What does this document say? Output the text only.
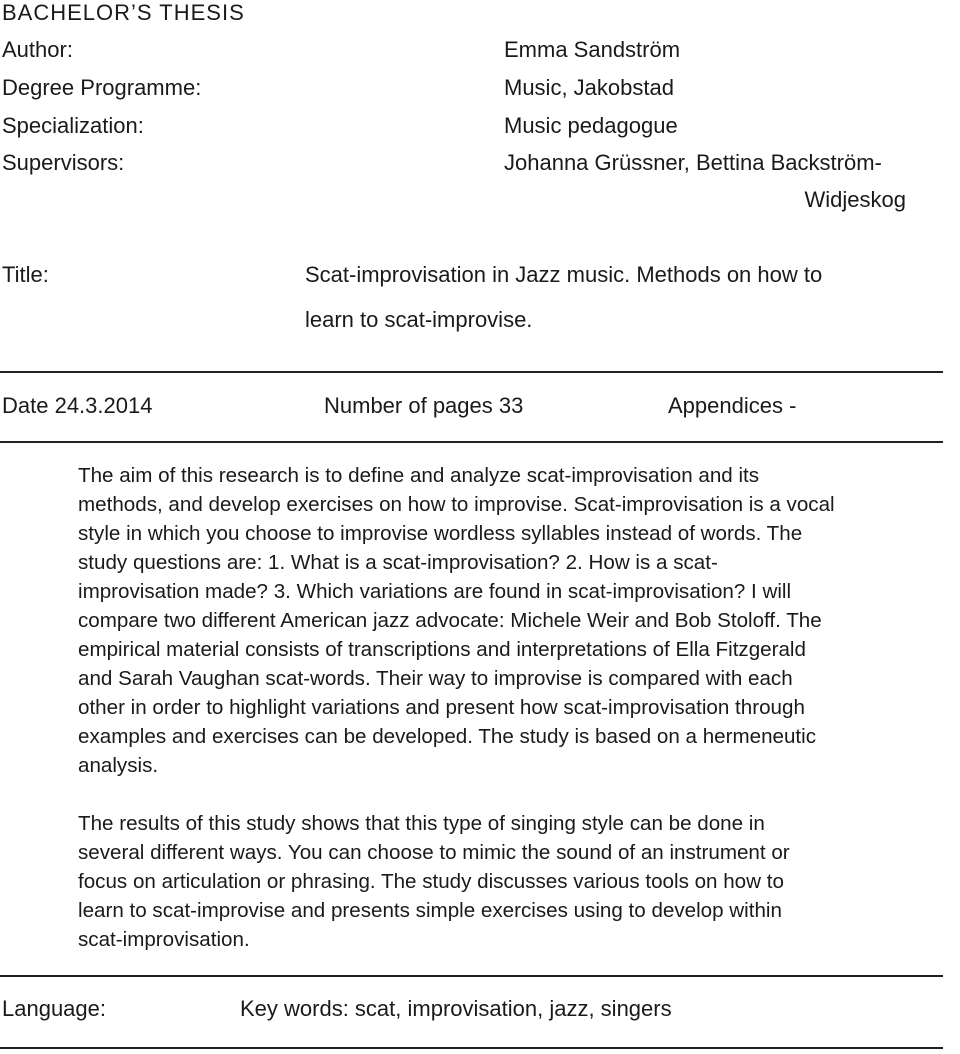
BACHELOR’S THESIS
Author:	Emma Sandström
Degree Programme:	Music, Jakobstad
Specialization:	Music pedagogue
Supervisors:	Johanna Grüssner, Bettina Backström-
Widjeskog
Title:	Scat-improvisation in Jazz music. Methods on how to
learn to scat-improvise.
Date 24.3.2014	Number of pages 33	Appendices -

The aim of this research is to define and analyze scat-improvisation and its

methods, and develop exercises on how to improvise. Scat-improvisation is a vocal

style in which you choose to improvise wordless syllables instead of words. The

study questions are: 1. What is a scat-improvisation? 2. How is a scat-

improvisation made? 3. Which variations are found in scat-improvisation? I will

compare two different American jazz advocate: Michele Weir and Bob Stoloff. The

empirical material consists of transcriptions and interpretations of Ella Fitzgerald

and Sarah Vaughan scat-words. Their way to improvise is compared with each

other in order to highlight variations and present how scat-improvisation through

examples and exercises can be developed. The study is based on a hermeneutic

analysis.

The results of this study shows that this type of singing style can be done in

several different ways. You can choose to mimic the sound of an instrument or

focus on articulation or phrasing. The study discusses various tools on how to

learn to scat-improvise and presents simple exercises using to develop within

scat-improvisation.

Language:	Key words: scat, improvisation, jazz, singers
